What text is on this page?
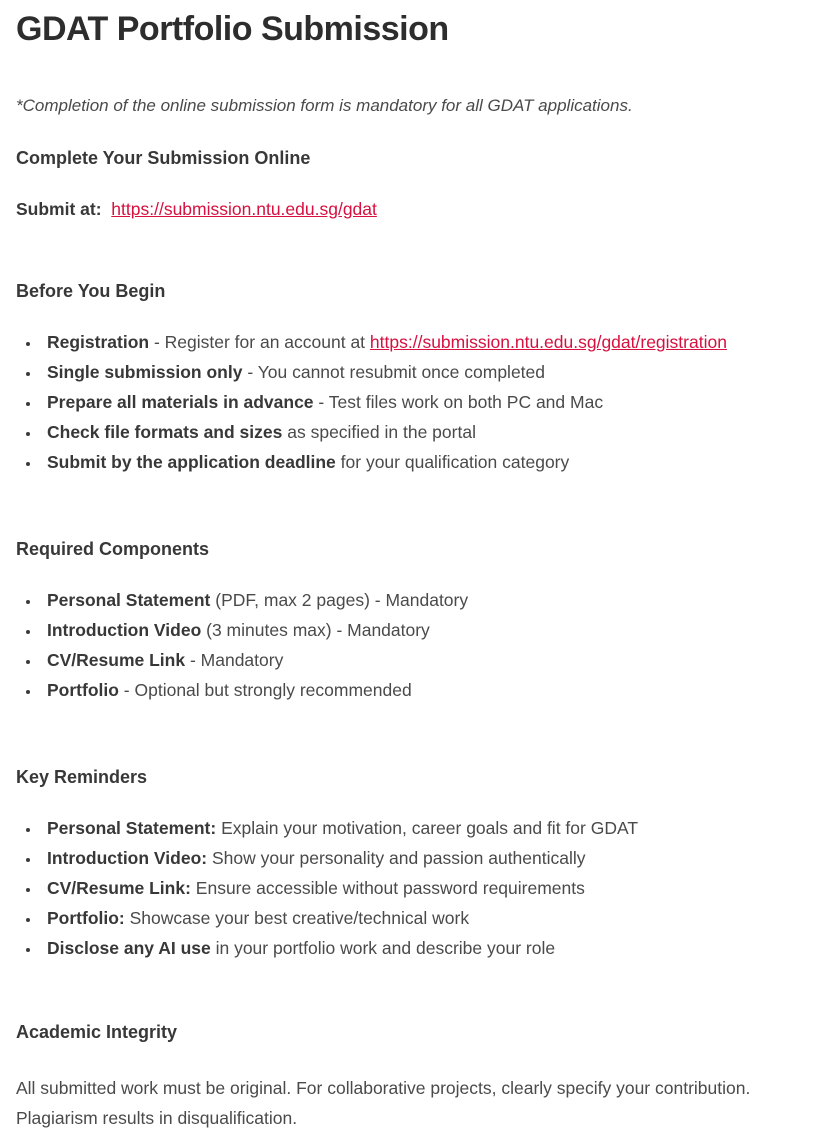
GDAT Portfolio Submission

*Completion of the online submission form is mandatory for all GDAT applications.

Complete Your Submission Online

Submit at: https://submission.ntu.edu.sg/gdat

Before You Begin

• Registration - Register for an account at https://submission.ntu.edu.sg/gdat/registration
• Single submission only - You cannot resubmit once completed
• Prepare all materials in advance - Test files work on both PC and Mac
• Check file formats and sizes as specified in the portal
• Submit by the application deadline for your qualification category

Required Components

• Personal Statement (PDF, max 2 pages) - Mandatory
• Introduction Video (3 minutes max) - Mandatory
• CV/Resume Link - Mandatory
• Portfolio - Optional but strongly recommended

Key Reminders

• Personal Statement: Explain your motivation, career goals and fit for GDAT
• Introduction Video: Show your personality and passion authentically
• CV/Resume Link: Ensure accessible without password requirements
• Portfolio: Showcase your best creative/technical work
• Disclose any AI use in your portfolio work and describe your role

Academic Integrity

All submitted work must be original. For collaborative projects, clearly specify your contribution. Plagiarism results in disqualification.
